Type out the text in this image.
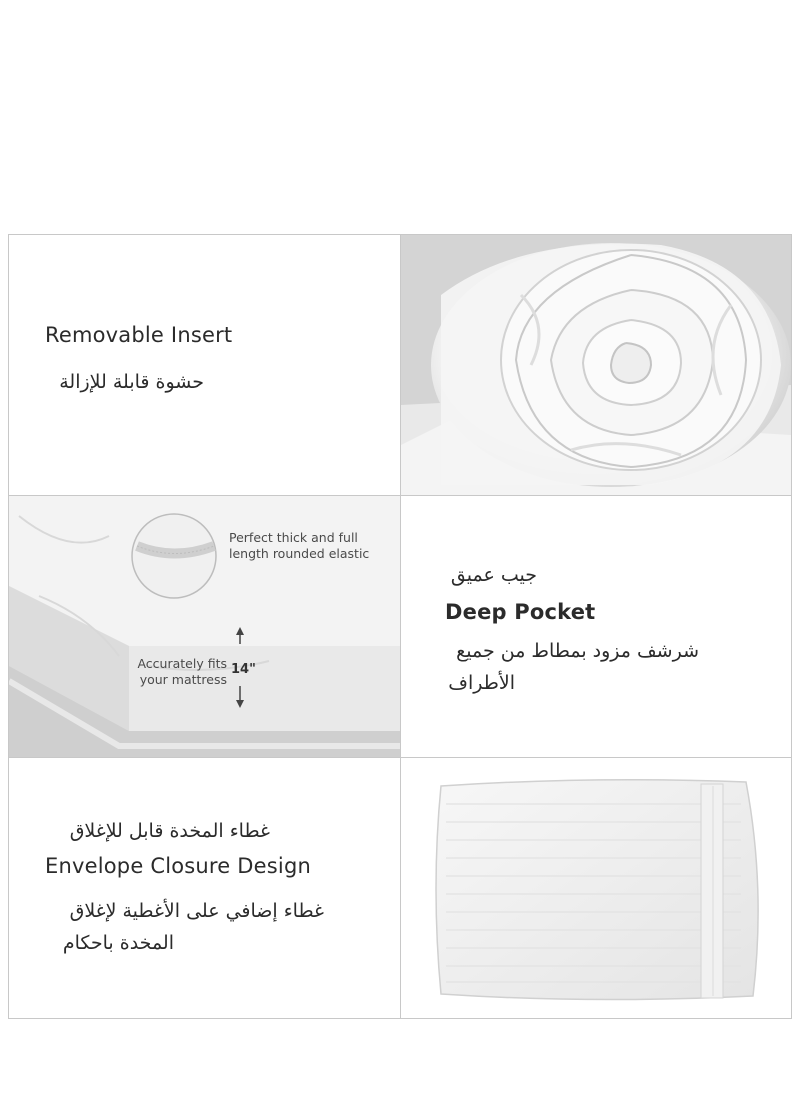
Removable Insert
حشوة قابلة للإزالة
Perfect thick and full
length rounded elastic
Accurately fits
your mattress
14"
جيب عميق
Deep Pocket
شرشف مزود بمطاط من جميع
الأطراف
غطاء المخدة قابل للإغلاق
Envelope Closure Design
غطاء إضافي على الأغطية لإغلاق
المخدة باحكام
